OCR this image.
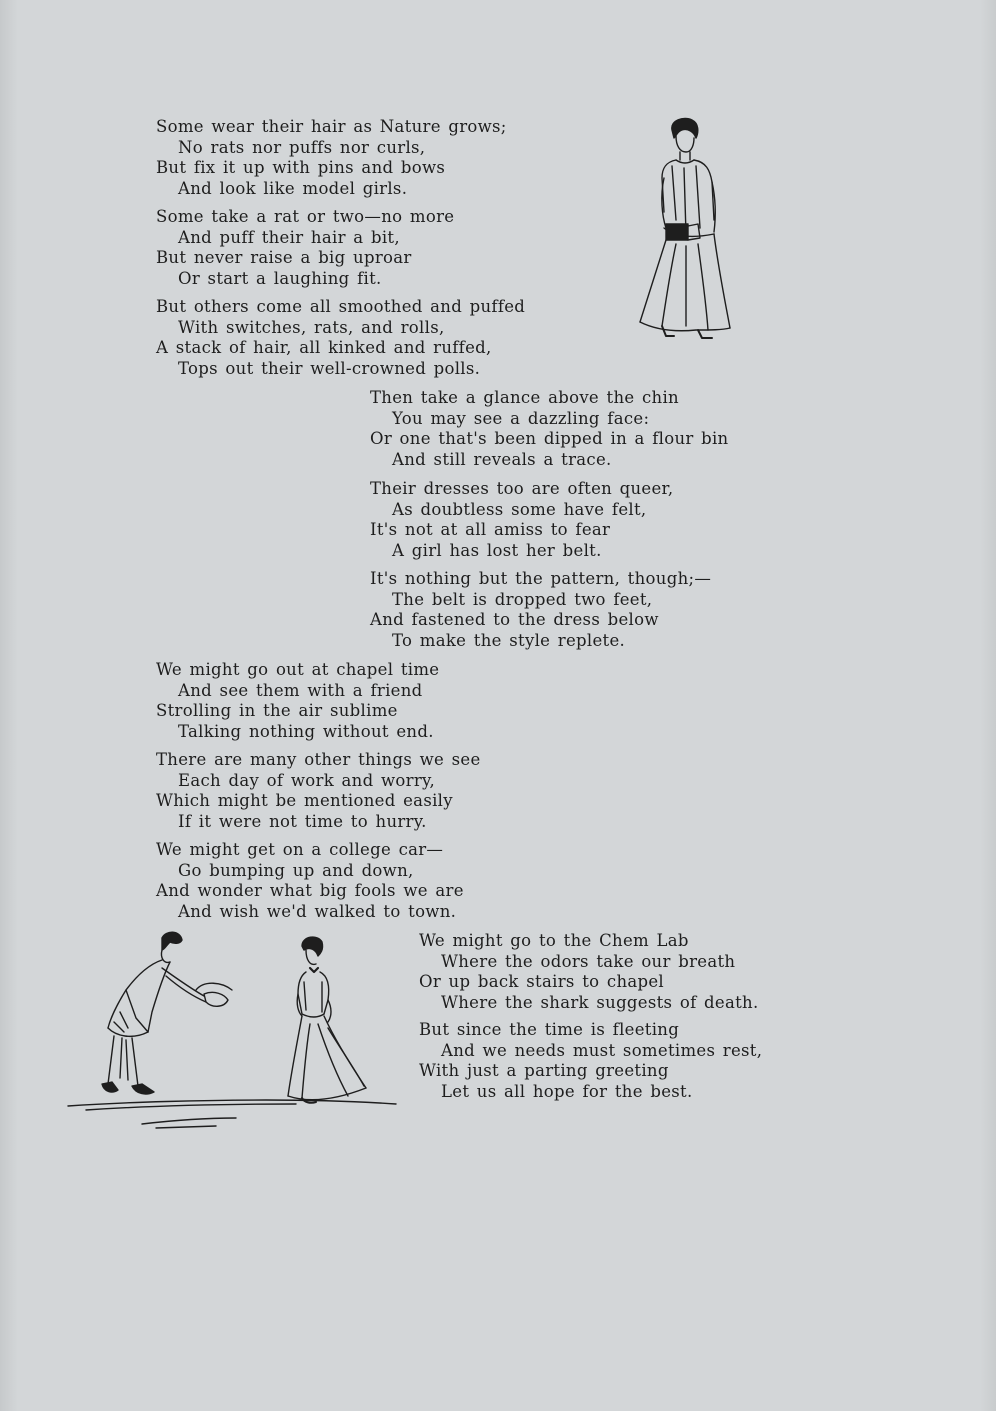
Some wear their hair as Nature grows;
No rats nor puffs nor curls,
But fix it up with pins and bows
And look like model girls.
Some take a rat or two—no more
And puff their hair a bit,
But never raise a big uproar
Or start a laughing fit.
But others come all smoothed and puffed
With switches, rats, and rolls,
A stack of hair, all kinked and ruffed,
Tops out their well-crowned polls.
Then take a glance above the chin
You may see a dazzling face:
Or one that's been dipped in a flour bin
And still reveals a trace.
Their dresses too are often queer,
As doubtless some have felt,
It's not at all amiss to fear
A girl has lost her belt.
It's nothing but the pattern, though;—
The belt is dropped two feet,
And fastened to the dress below
To make the style replete.
We might go out at chapel time
And see them with a friend
Strolling in the air sublime
Talking nothing without end.
There are many other things we see
Each day of work and worry,
Which might be mentioned easily
If it were not time to hurry.
We might get on a college car—
Go bumping up and down,
And wonder what big fools we are
And wish we'd walked to town.
We might go to the Chem Lab
Where the odors take our breath
Or up back stairs to chapel
Where the shark suggests of death.
But since the time is fleeting
And we needs must sometimes rest,
With just a parting greeting
Let us all hope for the best.
